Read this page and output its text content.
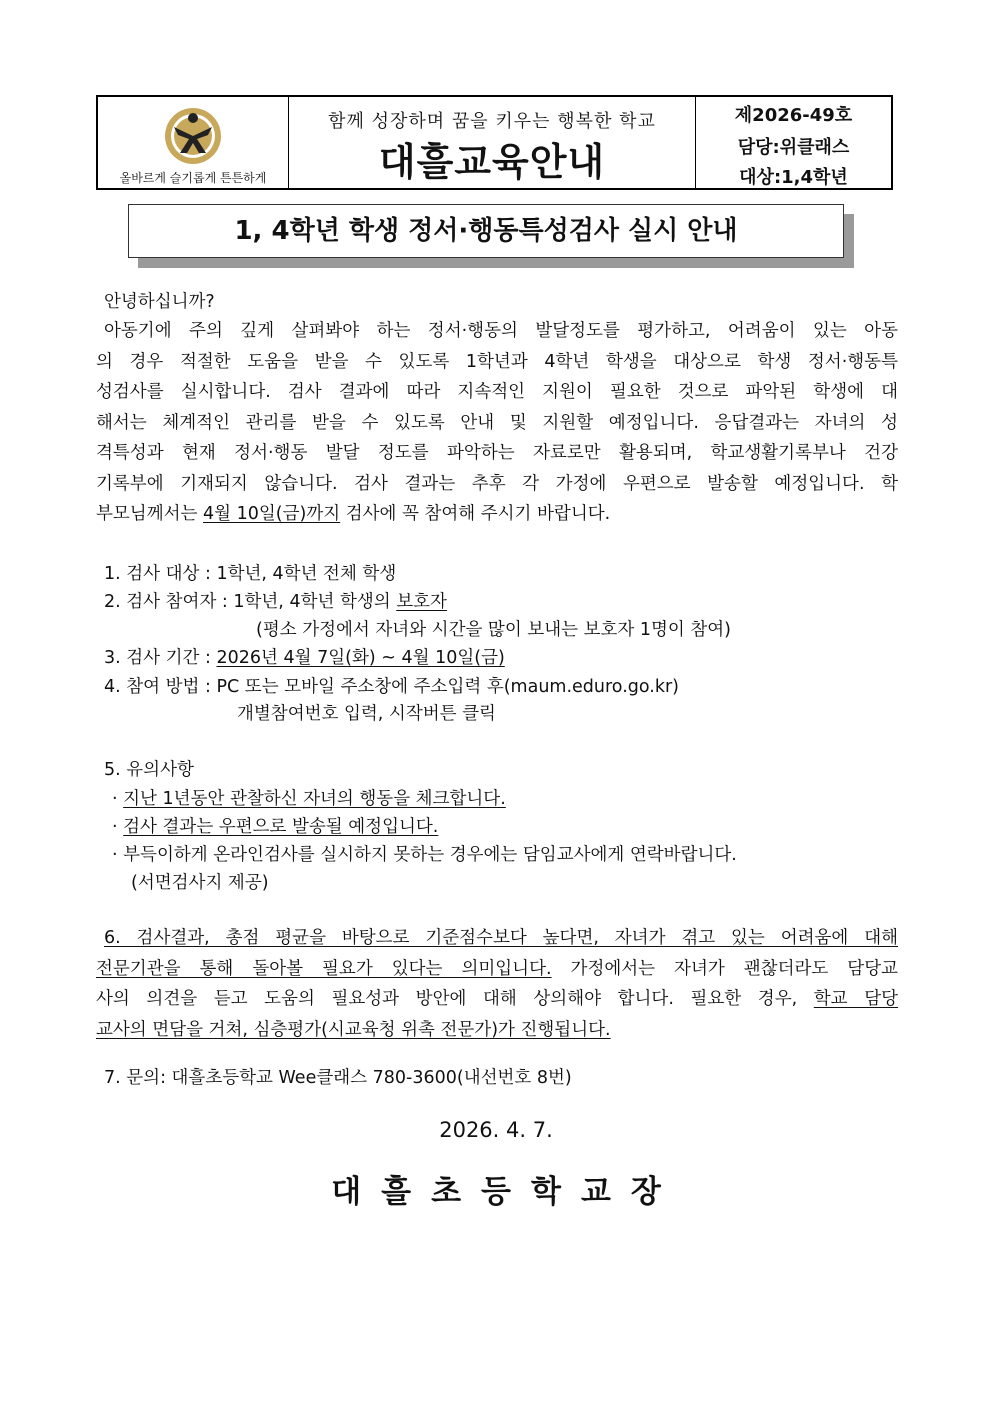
올바르게 슬기롭게 튼튼하게
함께 성장하며 꿈을 키우는 행복한 학교
대흘교육안내
제2026-49호
담당:위클래스
대상:1,4학년
1, 4학년 학생 정서·행동특성검사 실시 안내
안녕하십니까?
아동기에 주의 깊게 살펴봐야 하는 정서·행동의 발달정도를 평가하고, 어려움이 있는 아동
의 경우 적절한 도움을 받을 수 있도록 1학년과 4학년 학생을 대상으로 학생 정서·행동특
성검사를 실시합니다. 검사 결과에 따라 지속적인 지원이 필요한 것으로 파악된 학생에 대
해서는 체계적인 관리를 받을 수 있도록 안내 및 지원할 예정입니다. 응답결과는 자녀의 성
격특성과 현재 정서·행동 발달 정도를 파악하는 자료로만 활용되며, 학교생활기록부나 건강
기록부에 기재되지 않습니다. 검사 결과는 추후 각 가정에 우편으로 발송할 예정입니다. 학
부모님께서는 4월 10일(금)까지 검사에 꼭 참여해 주시기 바랍니다.
1. 검사 대상 : 1학년, 4학년 전체 학생
2. 검사 참여자 : 1학년, 4학년 학생의 보호자
(평소 가정에서 자녀와 시간을 많이 보내는 보호자 1명이 참여)
3. 검사 기간 : 2026년 4월 7일(화) ~ 4월 10일(금)
4. 참여 방법 : PC 또는 모바일 주소창에 주소입력 후(maum.eduro.go.kr)
개별참여번호 입력, 시작버튼 클릭
5. 유의사항
· 지난 1년동안 관찰하신 자녀의 행동을 체크합니다.
· 검사 결과는 우편으로 발송될 예정입니다.
· 부득이하게 온라인검사를 실시하지 못하는 경우에는 담임교사에게 연락바랍니다.
(서면검사지 제공)
6. 검사결과, 총점 평균을 바탕으로 기준점수보다 높다면, 자녀가 겪고 있는 어려움에 대해
전문기관을 통해 돌아볼 필요가 있다는 의미입니다. 가정에서는 자녀가 괜찮더라도 담당교
사의 의견을 듣고 도움의 필요성과 방안에 대해 상의해야 합니다. 필요한 경우, 학교 담당
교사의 면담을 거쳐, 심층평가(시교육청 위촉 전문가)가 진행됩니다.
7. 문의: 대흘초등학교 Wee클래스 780-3600(내선번호 8번)
2026. 4. 7.
대흘초등학교장
